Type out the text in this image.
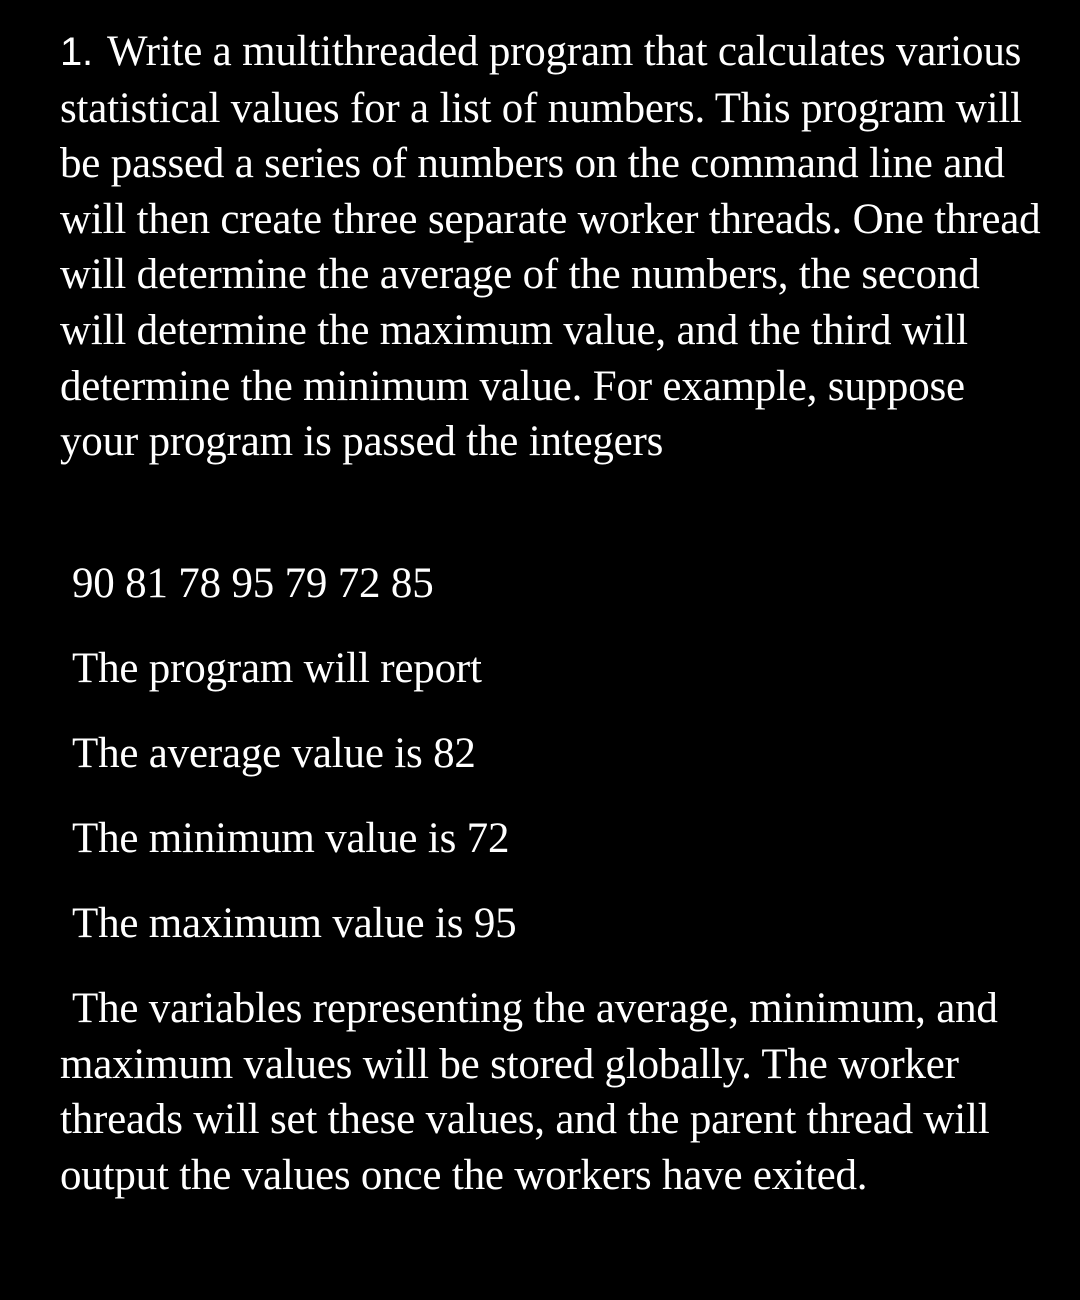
1. Write a multithreaded program that calculates various statistical values for a list of numbers. This program will be passed a series of numbers on the command line and will then create three separate worker threads. One thread will determine the average of the numbers, the second will determine the maximum value, and the third will determine the minimum value. For example, suppose your program is passed the integers

90 81 78 95 79 72 85

The program will report

The average value is 82

The minimum value is 72

The maximum value is 95

The variables representing the average, minimum, and maximum values will be stored globally. The worker threads will set these values, and the parent thread will output the values once the workers have exited.
